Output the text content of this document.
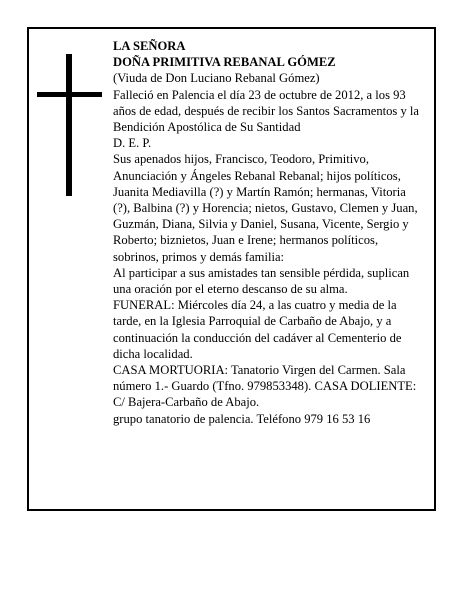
LA SEÑORA

DOÑA PRIMITIVA REBANAL GÓMEZ

(Viuda de Don Luciano Rebanal Gómez)

Falleció en Palencia el día 23 de octubre de 2012, a los 93 años de edad, después de recibir los Santos Sacramentos y la Bendición Apostólica de Su Santidad

D. E. P.

Sus apenados hijos, Francisco, Teodoro, Primitivo, Anunciación y Ángeles Rebanal Rebanal; hijos políticos, Juanita Mediavilla (?) y Martín Ramón; hermanas, Vitoria (?), Balbina (?) y Horencia; nietos, Gustavo, Clemen y Juan, Guzmán, Diana, Silvia y Daniel, Susana, Vicente, Sergio y Roberto; biznietos, Juan e Irene; hermanos políticos, sobrinos, primos y demás familia:

Al participar a sus amistades tan sensible pérdida, suplican una oración por el eterno descanso de su alma.

FUNERAL: Miércoles día 24, a las cuatro y media de la tarde, en la Iglesia Parroquial de Carbaño de Abajo, y a continuación la conducción del cadáver al Cementerio de dicha localidad.

CASA MORTUORIA: Tanatorio Virgen del Carmen. Sala número 1.- Guardo (Tfno. 979853348). CASA DOLIENTE: C/ Bajera-Carbaño de Abajo.

grupo tanatorio de palencia. Teléfono 979 16 53 16
